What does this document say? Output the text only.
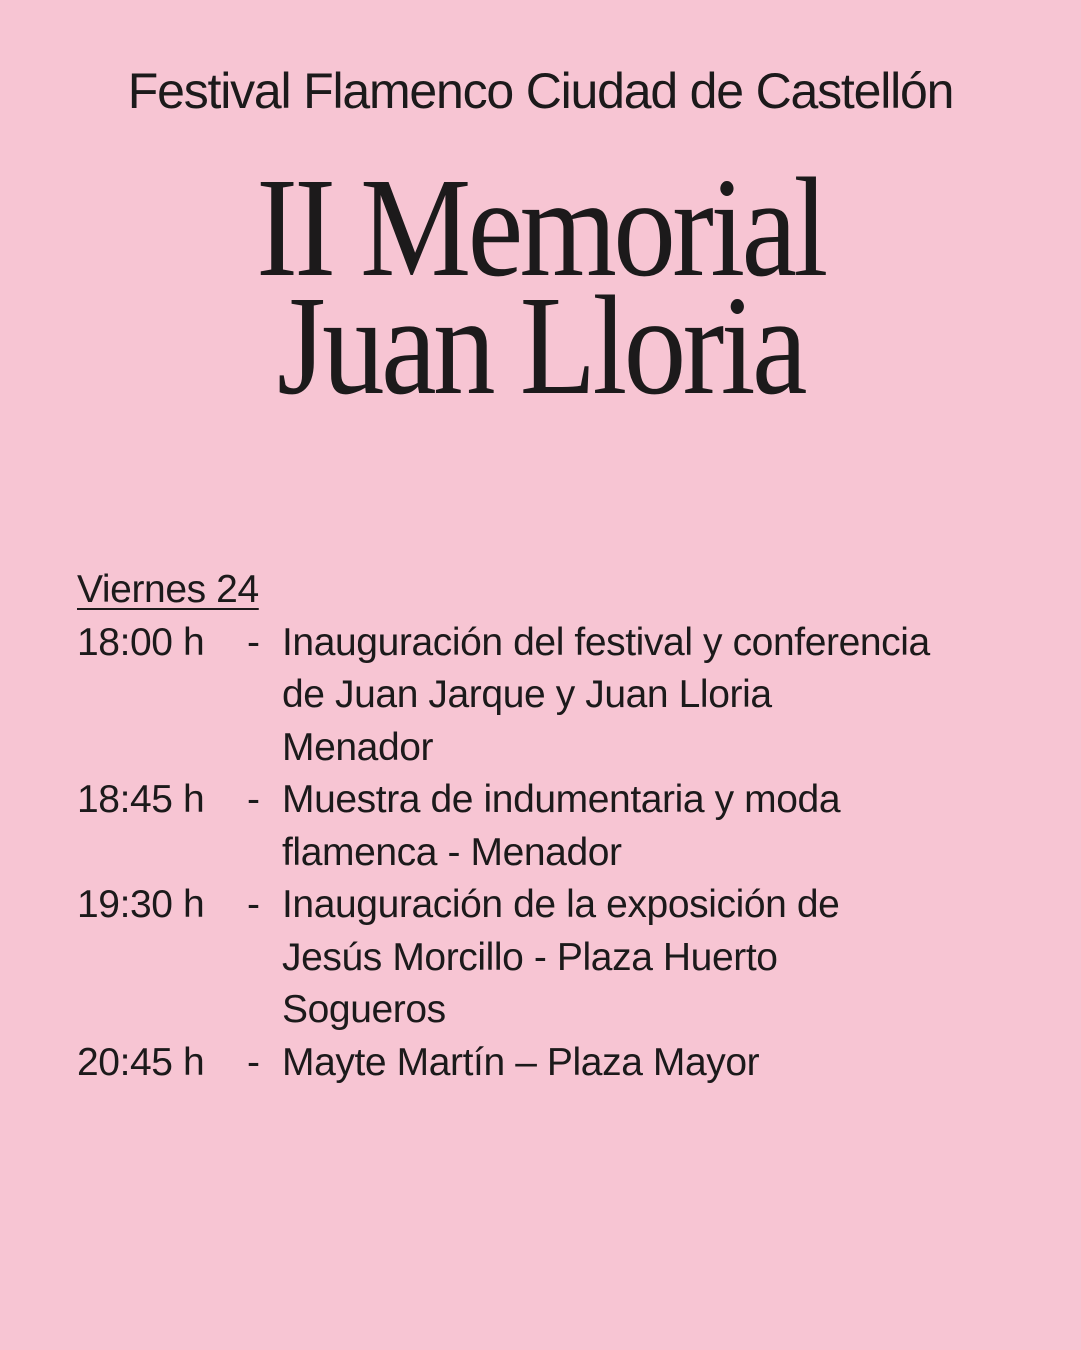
Festival Flamenco Ciudad de Castellón
II Memorial
Juan Lloria
Viernes 24
18:00 h	- Inauguración del festival y conferencia
de Juan Jarque y Juan Lloria
Menador
18:45 h	- Muestra de indumentaria y moda
flamenca - Menador
19:30 h	- Inauguración de la exposición de
Jesús Morcillo - Plaza Huerto
Sogueros
20:45 h	- Mayte Martín – Plaza Mayor
